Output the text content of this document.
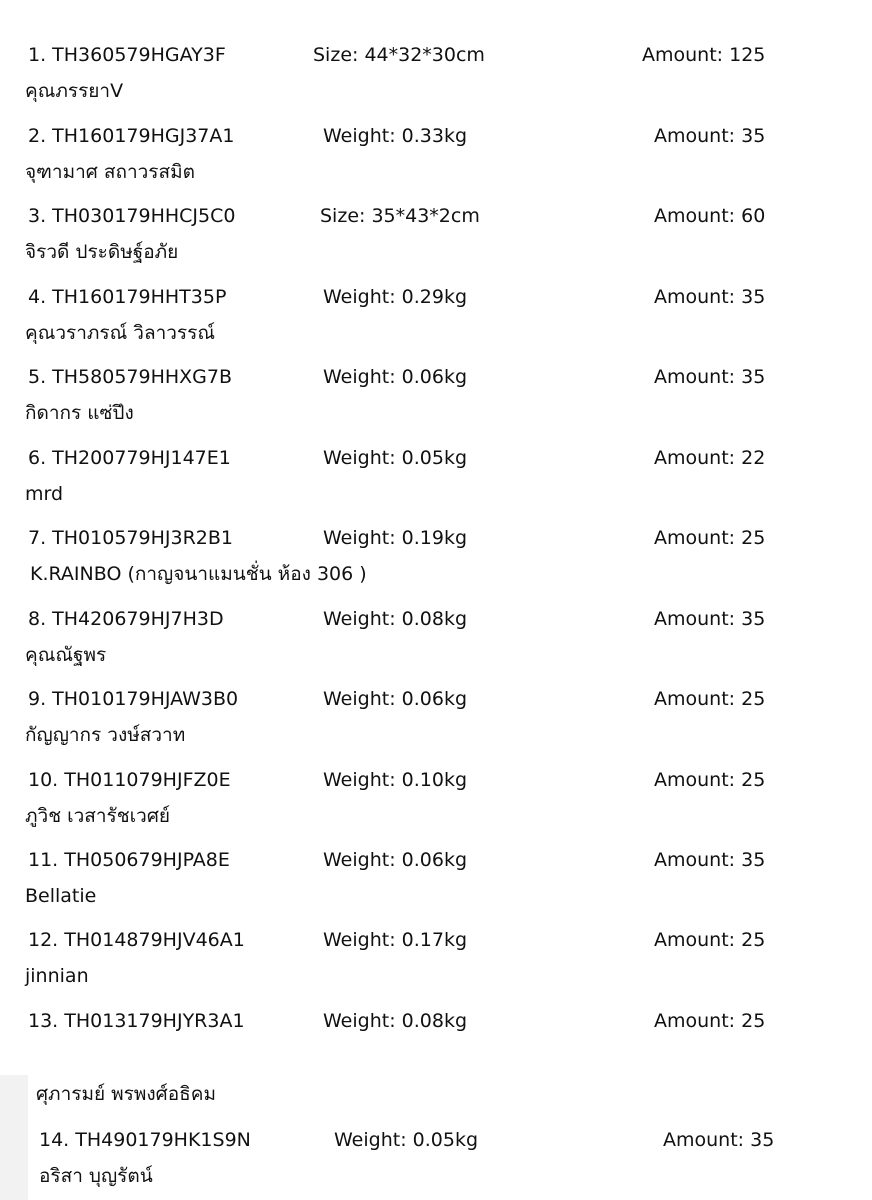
1. TH360579HGAY3F	Size: 44*32*30cm	Amount: 125
คุณภรรยาV
2. TH160179HGJ37A1	Weight: 0.33kg	Amount: 35
จุฑามาศ สถาวรสมิต
3. TH030179HHCJ5C0	Size: 35*43*2cm	Amount: 60
จิรวดี ประดิษฐ์อภัย
4. TH160179HHT35P	Weight: 0.29kg	Amount: 35
คุณวราภรณ์ วิลาวรรณ์
5. TH580579HHXG7B	Weight: 0.06kg	Amount: 35
กิดากร แซ่ปึง
6. TH200779HJ147E1	Weight: 0.05kg	Amount: 22
mrd
7. TH010579HJ3R2B1	Weight: 0.19kg	Amount: 25
K.RAINBO (กาญจนาแมนชั่น ห้อง 306 )
8. TH420679HJ7H3D	Weight: 0.08kg	Amount: 35
คุณณัฐพร
9. TH010179HJAW3B0	Weight: 0.06kg	Amount: 25
กัญญากร วงษ์สวาท
10. TH011079HJFZ0E	Weight: 0.10kg	Amount: 25
ภูวิช เวสารัชเวศย์
11. TH050679HJPA8E	Weight: 0.06kg	Amount: 35
Bellatie
12. TH014879HJV46A1	Weight: 0.17kg	Amount: 25
jinnian
13. TH013179HJYR3A1	Weight: 0.08kg	Amount: 25
ศุภารมย์ พรพงศ์อธิคม
14. TH490179HK1S9N	Weight: 0.05kg	Amount: 35
อริสา บุญรัตน์
